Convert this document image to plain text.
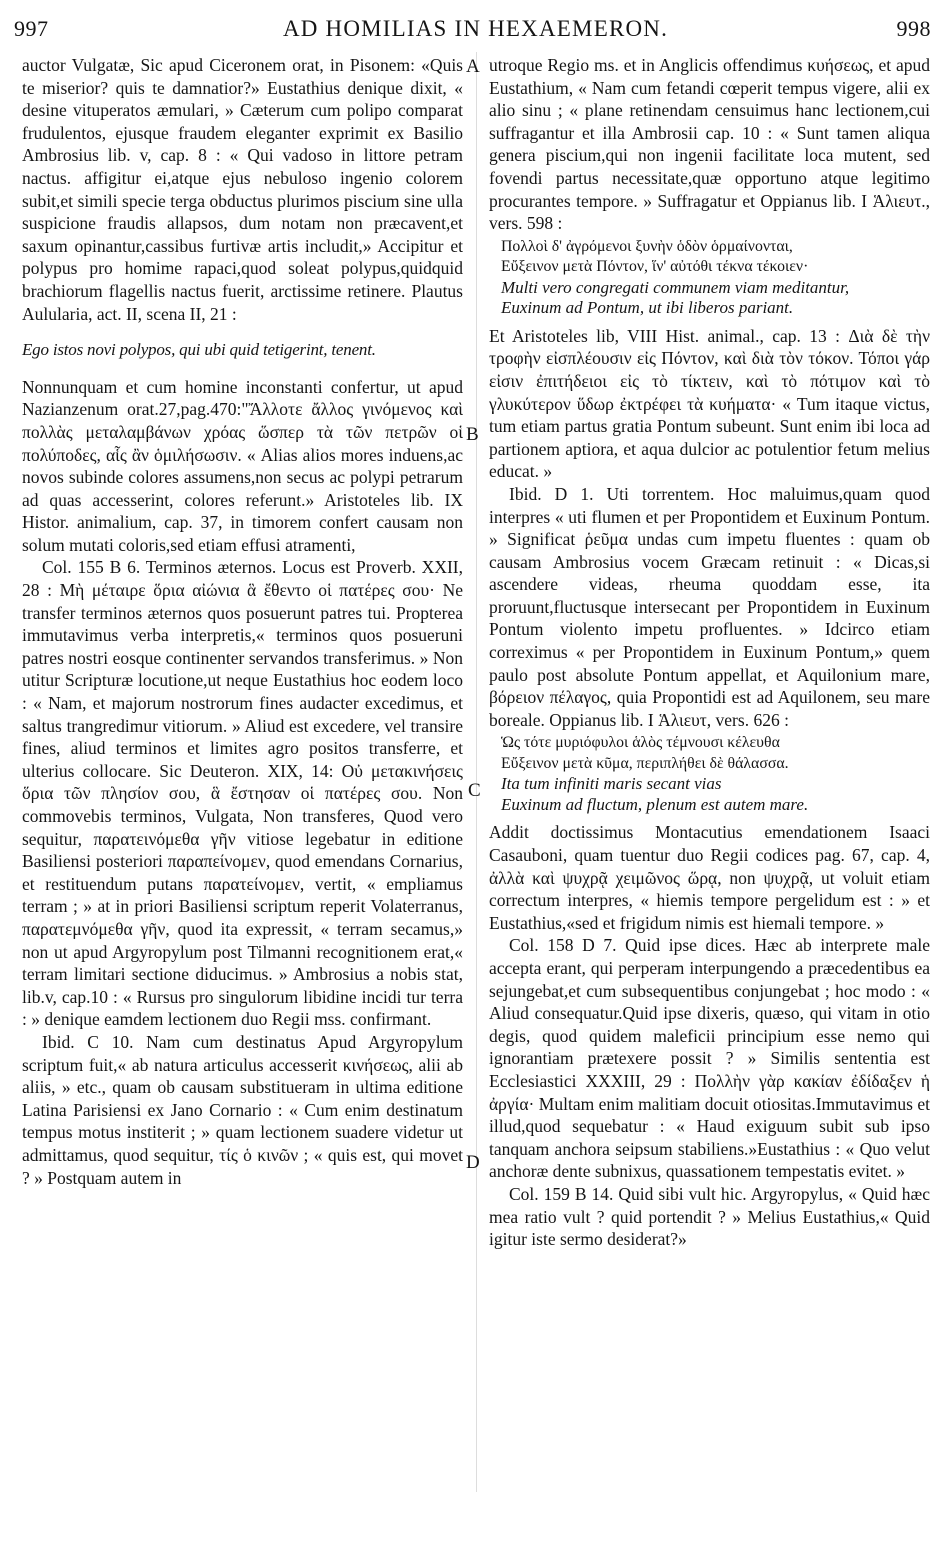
997	AD HOMILIAS IN HEXAEMERON.	998
A
B
C
D

auctor Vulgatæ, Sic apud Ciceronem orat, in Pisonem: «Quis te miserior? quis te damnatior?» Eustathius denique dixit, « desine vituperatos æmulari, » Cæterum cum polipo comparat frudulentos, ejusque fraudem eleganter exprimit ex Basilio Ambrosius lib. v, cap. 8 : « Qui vadoso in littore petram nactus. affigitur ei,atque ejus nebuloso ingenio colorem subit,et simili specie terga obductus plurimos piscium sine ulla suspicione fraudis allapsos, dum notam non præcavent,et saxum opinantur,cassibus furtivæ artis includit,» Accipitur et polypus pro homime rapaci,quod soleat polypus,quidquid brachiorum flagellis nactus fuerit, arctissime retinere. Plautus Aulularia, act. II, scena II, 21 :

Ego istos novi polypos, qui ubi quid tetigerint, tenent.

Nonnunquam et cum homine inconstanti confertur, ut apud Nazianzenum orat.27,pag.470:"Ἄλλοτε ἄλλος γινόμενος καὶ πολλὰς μεταλαμβάνων χρόας ὥσπερ τὰ τῶν πετρῶν οἱ πολύποδες, αἷς ἂν ὁμιλήσωσιν. « Alias alios mores induens,ac novos subinde colores assumens,non secus ac polypi petrarum ad quas accesserint, colores referunt.» Aristoteles lib. IX Histor. animalium, cap. 37, in timorem confert causam non solum mutati coloris,sed etiam effusi atramenti,

Col. 155 B 6. Terminos æternos. Locus est Proverb. XXII, 28 : Μὴ μέταιρε ὅρια αἰώνια ἃ ἔθεντο οἱ πατέρες σου· Ne transfer terminos æternos quos posuerunt patres tui. Propterea immutavimus verba interpretis,« terminos quos posueruni patres nostri eosque continenter servandos transferimus. » Non utitur Scripturæ locutione,ut neque Eustathius hoc eodem loco : « Nam, et majorum nostrorum fines audacter excedimus, et saltus trangredimur vitiorum. » Aliud est excedere, vel transire fines, aliud terminos et limites agro positos transferre, et ulterius collocare. Sic Deuteron. XIX, 14: Οὐ μετακινήσεις ὅρια τῶν πλησίον σου, ἃ ἔστησαν οἱ πατέρες σου. Non commovebis terminos, Vulgata, Non transferes, Quod vero sequitur, παρατεινόμεθα γῆν vitiose legebatur in editione Basiliensi posteriori παραπείνομεν, quod emendans Cornarius, et restituendum putans παρατείνομεν, vertit, « empliamus terram ; » at in priori Basiliensi scriptum reperit Volaterranus, παρατεμνόμεθα γῆν, quod ita expressit, « terram secamus,» non ut apud Argyropylum post Tilmanni recognitionem erat,« terram limitari sectione diducimus. » Ambrosius a nobis stat, lib.v, cap.10 : « Rursus pro singulorum libidine incidi tur terra : » denique eamdem lectionem duo Regii mss. confirmant.

Ibid. C 10. Nam cum destinatus Apud Argyropylum scriptum fuit,« ab natura articulus accesserit κινήσεως, alii ab aliis, » etc., quam ob causam substitueram in ultima editione Latina Parisiensi ex Jano Cornario : « Cum enim destinatum tempus motus institerit ; » quam lectionem suadere videtur ut admittamus, quod sequitur, τίς ὁ κινῶν ; « quis est, qui movet ? » Postquam autem in

utroque Regio ms. et in Anglicis offendimus κυήσεως, et apud Eustathium, « Nam cum fetandi cœperit tempus vigere, alii ex alio sinu ; « plane retinendam censuimus hanc lectionem,cui suffragantur et illa Ambrosii cap. 10 : « Sunt tamen aliqua genera piscium,qui non ingenii facilitate loca mutent, sed fovendi partus necessitate,quæ opportuno atque legitimo procurantes tempore. » Suffragatur et Oppianus lib. I Ἁλιευτ., vers. 598 :

Πολλοὶ δ' ἀγρόμενοι ξυνὴν ὁδὸν ὁρμαίνονται,
Εὔξεινον μετὰ Πόντον, ἵν' αὐτόθι τέκνα τέκοιεν·
Multi vero congregati communem viam meditantur,
Euxinum ad Pontum, ut ibi liberos pariant.

Et Aristoteles lib, VIII Hist. animal., cap. 13 : Διὰ δὲ τὴν τροφὴν εἰσπλέουσιν εἰς Πόντον, καὶ διὰ τὸν τόκον. Τόποι γάρ εἰσιν ἐπιτήδειοι εἰς τὸ τίκτειν, καὶ τὸ πότιμον καὶ τὸ γλυκύτερον ὕδωρ ἐκτρέφει τὰ κυήματα· « Tum itaque victus, tum etiam partus gratia Pontum subeunt. Sunt enim ibi loca ad partionem aptiora, et aqua dulcior ac potulentior fetum melius educat. »

Ibid. D 1. Uti torrentem. Hoc maluimus,quam quod interpres « uti flumen et per Propontidem et Euxinum Pontum. » Significat ῥεῦμα undas cum impetu fluentes : quam ob causam Ambrosius vocem Græcam retinuit : « Dicas,si ascendere videas, rheuma quoddam esse, ita proruunt,fluctusque intersecant per Propontidem in Euxinum Pontum violento impetu profluentes. » Idcirco etiam correximus « per Propontidem in Euxinum Pontum,» quem paulo post absolute Pontum appellat, et Aquilonium mare, βόρειον πέλαγος, quia Propontidi est ad Aquilonem, seu mare boreale. Oppianus lib. I Ἁλιευτ, vers. 626 :

Ὡς τότε μυριόφυλοι ἁλὸς τέμνουσι κέλευθα
Εὔξεινον μετὰ κῦμα, περιπλήθει δὲ θάλασσα.
Ita tum infiniti maris secant vias
Euxinum ad fluctum, plenum est autem mare.

Addit doctissimus Montacutius emendationem Isaaci Casauboni, quam tuentur duo Regii codices pag. 67, cap. 4, ἀλλὰ καὶ ψυχρᾷ χειμῶνος ὥρᾳ, non ψυχρᾷ, ut voluit etiam correctum interpres, « hiemis tempore pergelidum est : » et Eustathius,«sed et frigidum nimis est hiemali tempore. »

Col. 158 D 7. Quid ipse dices. Hæc ab interprete male accepta erant, qui perperam interpungendo a præcedentibus ea sejungebat,et cum subsequentibus conjungebat ; hoc modo : « Aliud consequatur.Quid ipse dixeris, quæso, qui vitam in otio degis, quod quidem maleficii principium esse nemo qui ignorantiam prætexere possit ? » Similis sententia est Ecclesiastici XXXIII, 29 : Πολλὴν γὰρ κακίαν ἐδίδαξεν ἡ ἀργία· Multam enim malitiam docuit otiositas.Immutavimus et illud,quod sequebatur : « Haud exiguum subit sub ipso tanquam anchora seipsum stabiliens.»Eustathius : « Quo velut anchoræ dente subnixus, quassationem tempestatis evitet. »

Col. 159 B 14. Quid sibi vult hic. Argyropylus, « Quid hæc mea ratio vult ? quid portendit ? » Melius Eustathius,« Quid igitur iste sermo desiderat?»
